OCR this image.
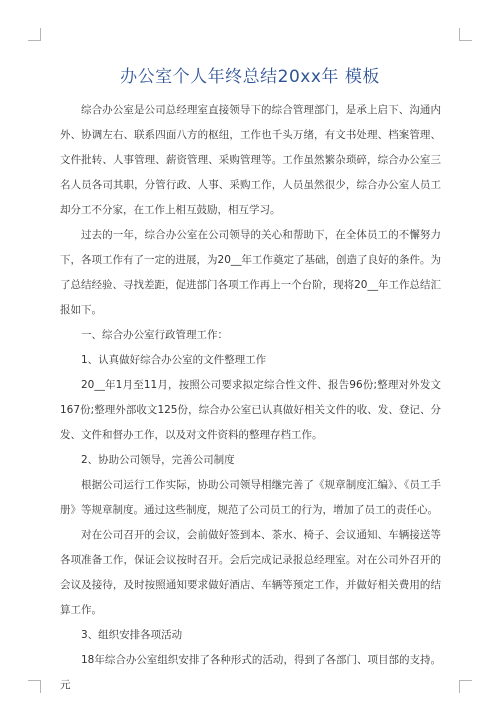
办公室个人年终总结20xx年 模板

综合办公室是公司总经理室直接领导下的综合管理部门，是承上启下、沟通内外、协调左右、联系四面八方的枢纽，工作也千头万绪，有文书处理、档案管理、文件批转、人事管理、薪资管理、采购管理等。工作虽然繁杂琐碎，综合办公室三名人员各司其职，分管行政、人事、采购工作，人员虽然很少，综合办公室人员工却分工不分家，在工作上相互鼓励，相互学习。

过去的一年，综合办公室在公司领导的关心和帮助下，在全体员工的不懈努力下，各项工作有了一定的进展，为20__年工作奠定了基础，创造了良好的条件。为了总结经验、寻找差距，促进部门各项工作再上一个台阶，现将20__年工作总结汇报如下。

一、综合办公室行政管理工作：

1、认真做好综合办公室的文件整理工作

20__年1月至11月，按照公司要求拟定综合性文件、报告96份;整理对外发文167份;整理外部收文125份，综合办公室已认真做好相关文件的收、发、登记、分发、文件和督办工作，以及对文件资料的整理存档工作。

2、协助公司领导，完善公司制度

根据公司运行工作实际，协助公司领导相继完善了《规章制度汇编》、《员工手册》等规章制度。通过这些制度，规范了公司员工的行为，增加了员工的责任心。

对在公司召开的会议，会前做好签到本、茶水、椅子、会议通知、车辆接送等各项准备工作，保证会议按时召开。会后完成记录报总经理室。对在公司外召开的会议及接待，及时按照通知要求做好酒店、车辆等预定工作，并做好相关费用的结算工作。

3、组织安排各项活动

18年综合办公室组织安排了各种形式的活动，得到了各部门、项目部的支持。元
